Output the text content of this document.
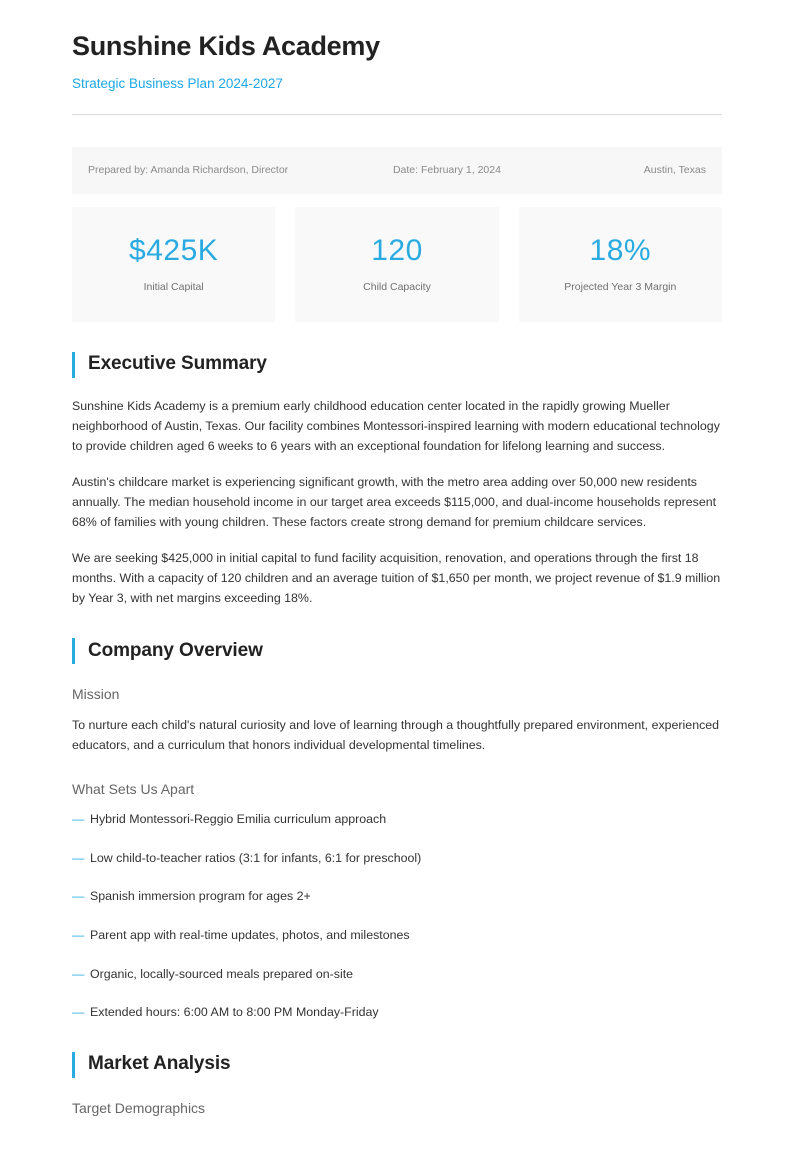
Sunshine Kids Academy
Strategic Business Plan 2024-2027
Prepared by: Amanda Richardson, Director	Date: February 1, 2024	Austin, Texas
$425K
Initial Capital
120
Child Capacity
18%
Projected Year 3 Margin
Executive Summary

Sunshine Kids Academy is a premium early childhood education center located in the rapidly growing Mueller neighborhood of Austin, Texas. Our facility combines Montessori-inspired learning with modern educational technology to provide children aged 6 weeks to 6 years with an exceptional foundation for lifelong learning and success.

Austin's childcare market is experiencing significant growth, with the metro area adding over 50,000 new residents annually. The median household income in our target area exceeds $115,000, and dual-income households represent 68% of families with young children. These factors create strong demand for premium childcare services.

We are seeking $425,000 in initial capital to fund facility acquisition, renovation, and operations through the first 18 months. With a capacity of 120 children and an average tuition of $1,650 per month, we project revenue of $1.9 million by Year 3, with net margins exceeding 18%.

Company Overview
Mission

To nurture each child's natural curiosity and love of learning through a thoughtfully prepared environment, experienced educators, and a curriculum that honors individual developmental timelines.

What Sets Us Apart
— Hybrid Montessori-Reggio Emilia curriculum approach
— Low child-to-teacher ratios (3:1 for infants, 6:1 for preschool)
— Spanish immersion program for ages 2+
— Parent app with real-time updates, photos, and milestones
— Organic, locally-sourced meals prepared on-site
— Extended hours: 6:00 AM to 8:00 PM Monday-Friday
Market Analysis
Target Demographics
